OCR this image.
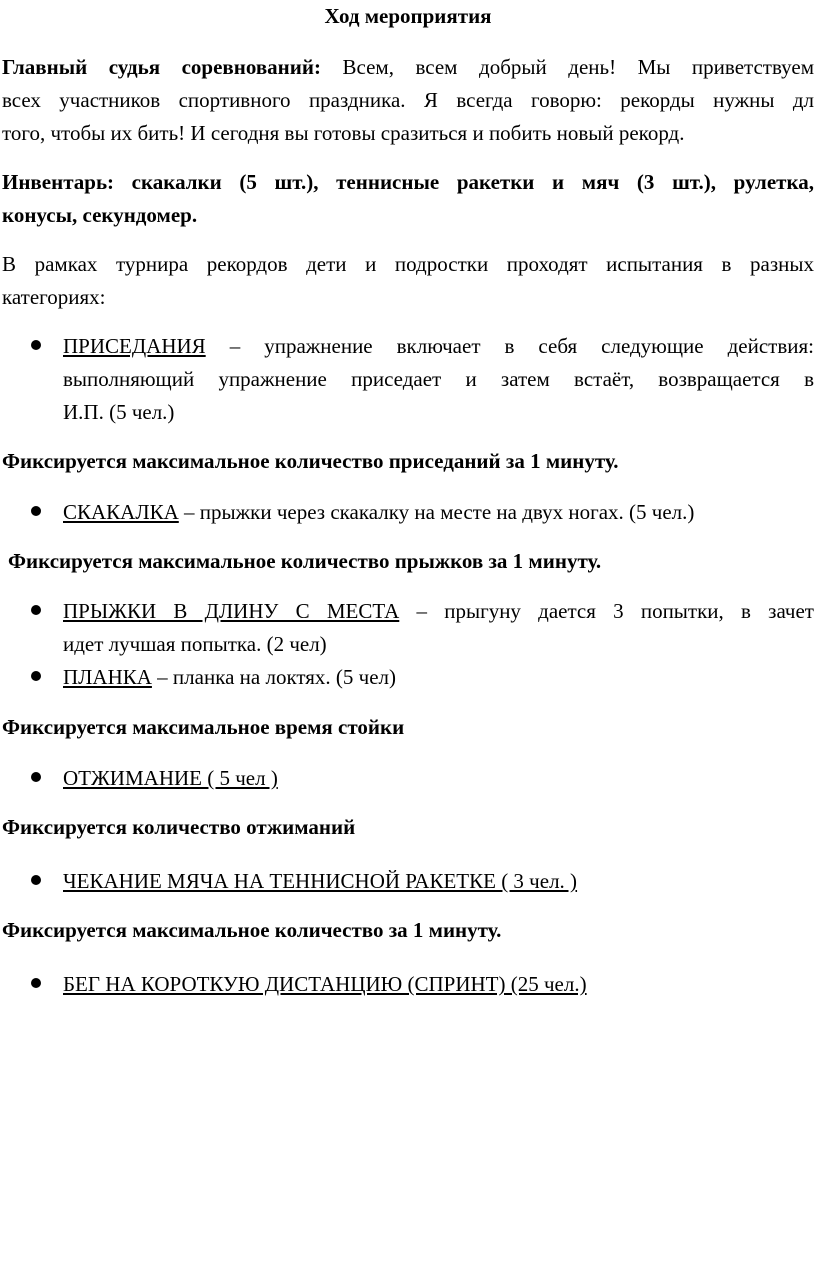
Ход мероприятия
Главный судья соревнований: Всем, всем добрый день! Мы приветствуем
всех участников спортивного праздника. Я всегда говорю: рекорды нужны дл
того, чтобы их бить! И сегодня вы готовы сразиться и побить новый рекорд.
Инвентарь: скакалки (5 шт.), теннисные ракетки и мяч (3 шт.), рулетка,
конусы, секундомер.
В рамках турнира рекордов дети и подростки проходят испытания в разных
категориях:
ПРИСЕДАНИЯ – упражнение включает в себя следующие действия:
выполняющий упражнение приседает и затем встаёт, возвращается в
И.П. (5 чел.)
Фиксируется максимальное количество приседаний за 1 минуту.
СКАКАЛКА – прыжки через скакалку на месте на двух ногах. (5 чел.)
Фиксируется максимальное количество прыжков за 1 минуту.
ПРЫЖКИ В ДЛИНУ С МЕСТА – прыгуну дается 3 попытки, в зачет
идет лучшая попытка. (2 чел)
ПЛАНКА – планка на локтях. (5 чел)
Фиксируется максимальное время стойки
ОТЖИМАНИЕ ( 5 чел )
Фиксируется количество отжиманий
ЧЕКАНИЕ МЯЧА НА ТЕННИСНОЙ РАКЕТКЕ ( 3 чел. )
Фиксируется максимальное количество за 1 минуту.
БЕГ НА КОРОТКУЮ ДИСТАНЦИЮ (СПРИНТ) (25 чел.)
